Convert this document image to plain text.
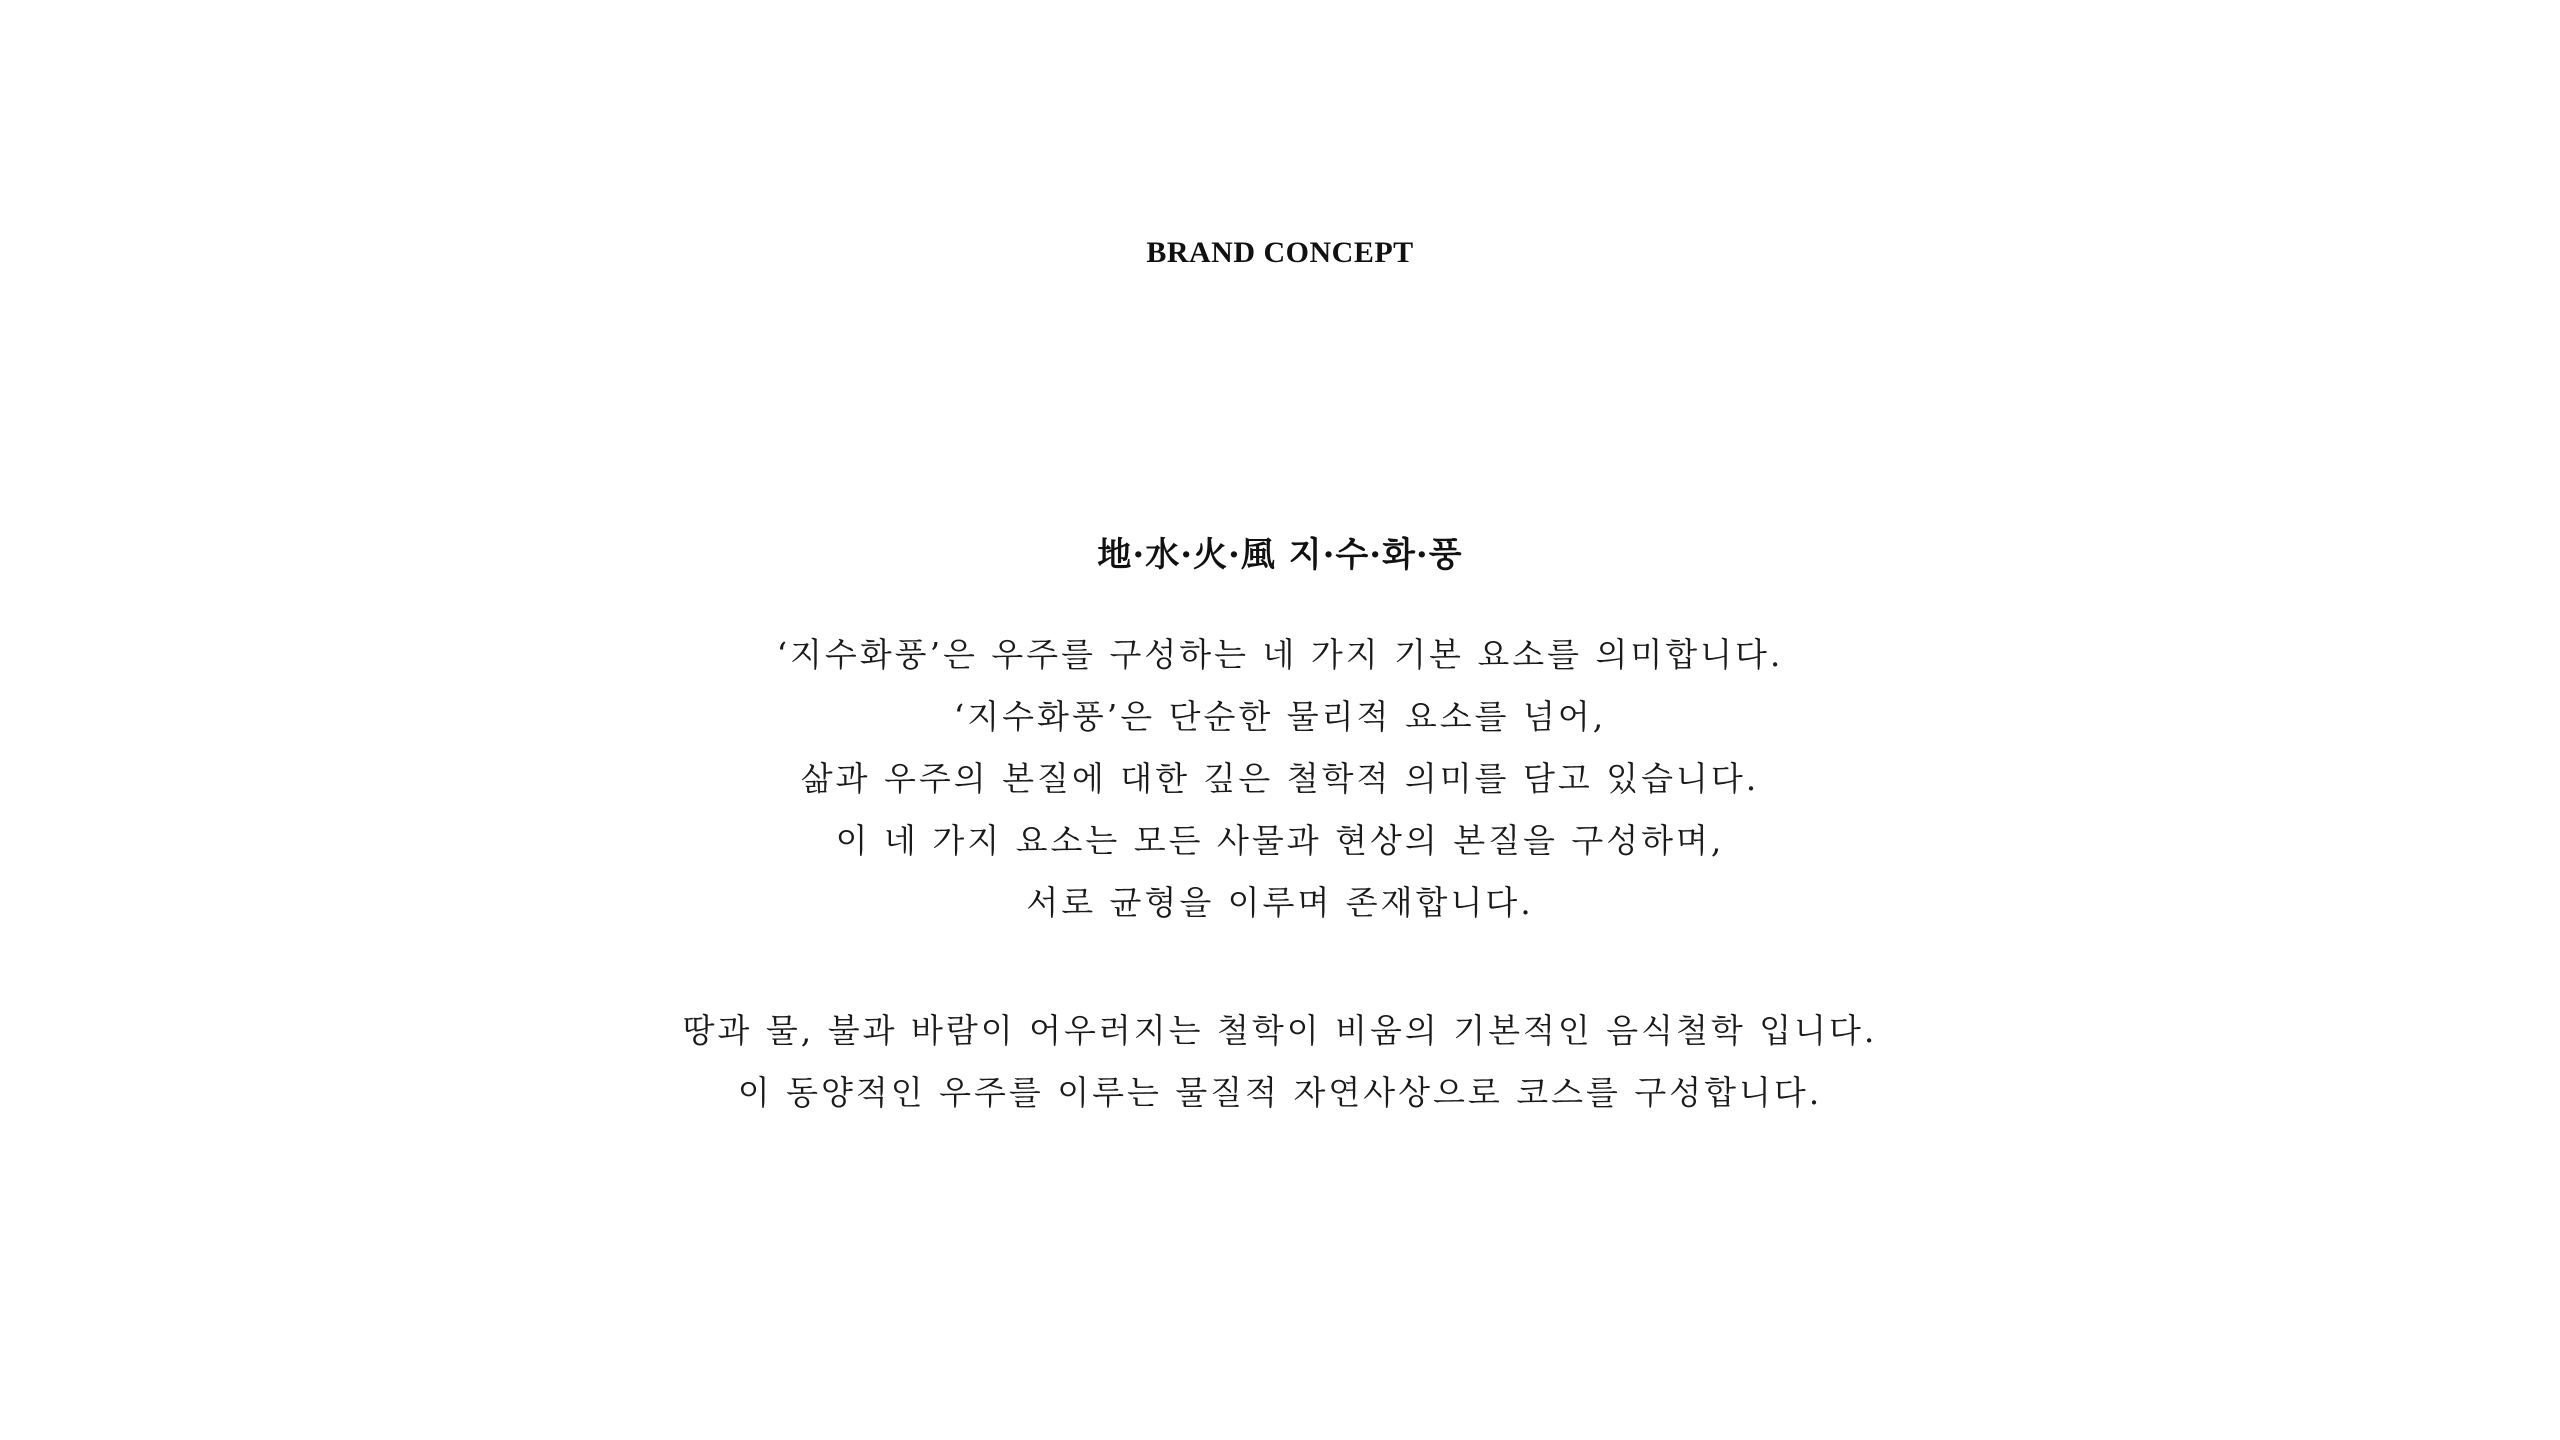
BRAND CONCEPT
地·水·火·風 지·수·화·풍

‘지수화풍’은 우주를 구성하는 네 가지 기본 요소를 의미합니다.
‘지수화풍’은 단순한 물리적 요소를 넘어,
삶과 우주의 본질에 대한 깊은 철학적 의미를 담고 있습니다.
이 네 가지 요소는 모든 사물과 현상의 본질을 구성하며,
서로 균형을 이루며 존재합니다.

땅과 물, 불과 바람이 어우러지는 철학이 비움의 기본적인 음식철학 입니다.
이 동양적인 우주를 이루는 물질적 자연사상으로 코스를 구성합니다.
